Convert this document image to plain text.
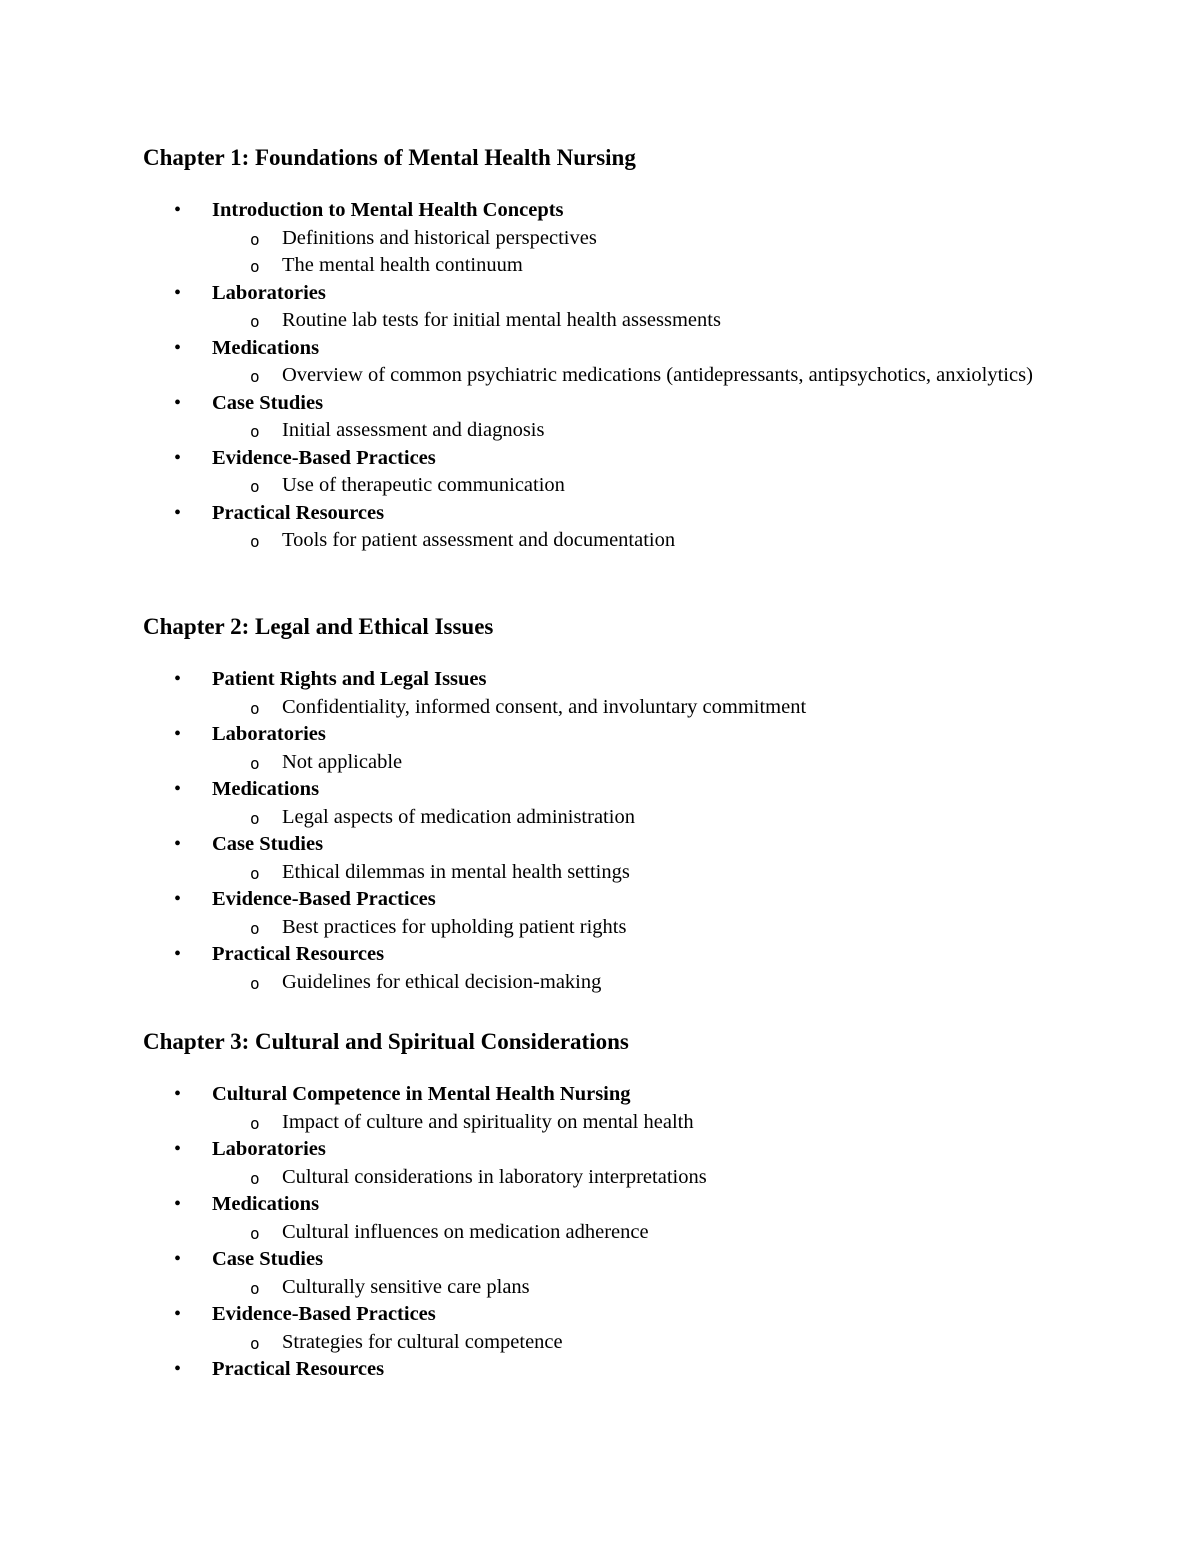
Chapter 1: Foundations of Mental Health Nursing
• Introduction to Mental Health Concepts
o Definitions and historical perspectives
o The mental health continuum
• Laboratories
o Routine lab tests for initial mental health assessments
• Medications
o Overview of common psychiatric medications (antidepressants, antipsychotics, anxiolytics)
• Case Studies
o Initial assessment and diagnosis
• Evidence-Based Practices
o Use of therapeutic communication
• Practical Resources
o Tools for patient assessment and documentation
Chapter 2: Legal and Ethical Issues
• Patient Rights and Legal Issues
o Confidentiality, informed consent, and involuntary commitment
• Laboratories
o Not applicable
• Medications
o Legal aspects of medication administration
• Case Studies
o Ethical dilemmas in mental health settings
• Evidence-Based Practices
o Best practices for upholding patient rights
• Practical Resources
o Guidelines for ethical decision-making
Chapter 3: Cultural and Spiritual Considerations
• Cultural Competence in Mental Health Nursing
o Impact of culture and spirituality on mental health
• Laboratories
o Cultural considerations in laboratory interpretations
• Medications
o Cultural influences on medication adherence
• Case Studies
o Culturally sensitive care plans
• Evidence-Based Practices
o Strategies for cultural competence
• Practical Resources
